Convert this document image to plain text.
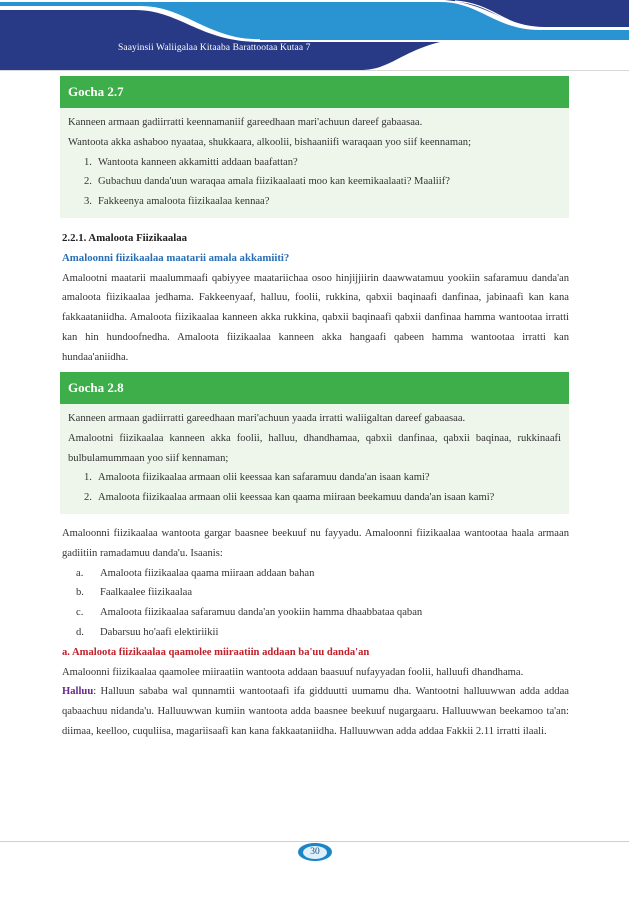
Saayinsii Waliigalaa Kitaaba Barattootaa Kutaa 7
Gocha 2.7
Kanneen armaan gadiirratti keennamaniif gareedhaan mari'achuun dareef gabaasaa.
Wantoota akka ashaboo nyaataa, shukkaara, alkoolii, bishaaniifi waraqaan yoo siif keennaman;
1. Wantoota kanneen akkamitti addaan baafattan?
2. Gubachuu danda'uun waraqaa amala fiizikaalaati moo kan keemikaalaati? Maaliif?
3. Fakkeenya amaloota fiizikaalaa kennaa?
2.2.1. Amaloota Fiizikaalaa
Amaloonni fiizikaalaa maatarii amala akkamiiti?
Amalootni maatarii maalummaafi qabiyyee maatariichaa osoo hinjijjiirin daawwatamuu yookiin safaramuu danda'an amaloota fiizikaalaa jedhama. Fakkeenyaaf, halluu, foolii, rukkina, qabxii baqinaafi danfinaa, jabinaafi kan kana fakkaataniidha. Amaloota fiizikaalaa kanneen akka rukkina, qabxii baqinaafi qabxii danfinaa hamma wantootaa irratti kan hin hundoofnedha. Amaloota fiizikaalaa kanneen akka hangaafi qabeen hamma wantootaa irratti kan hundaa'aniidha.
Gocha 2.8
Kanneen armaan gadiirratti gareedhaan mari'achuun yaada irratti waliigaltan dareef gabaasaa.
Amalootni fiizikaalaa kanneen akka foolii, halluu, dhandhamaa, qabxii danfinaa, qabxii baqinaa, rukkinaafi bulbulamummaan yoo siif kennaman;
1. Amaloota fiizikaalaa armaan olii keessaa kan safaramuu danda'an isaan kami?
2. Amaloota fiizikaalaa armaan olii keessaa kan qaama miiraan beekamuu danda'an isaan kami?
Amaloonni fiizikaalaa wantoota gargar baasnee beekuuf nu fayyadu. Amaloonni fiizikaalaa wantootaa haala armaan gadiitiin ramadamuu danda'u. Isaanis:
a. Amaloota fiizikaalaa qaama miiraan addaan bahan
b. Faalkaalee fiizikaalaa
c. Amaloota fiizikaalaa safaramuu danda'an yookiin hamma dhaabbataa qaban
d. Dabarsuu ho'aafi elektiriikii
a. Amaloota fiizikaalaa qaamolee miiraatiin addaan ba'uu danda'an
Amaloonni fiizikaalaa qaamolee miiraatiin wantoota addaan baasuuf nufayyadan foolii, halluufi dhandhama.
Halluu: Halluun sababa wal qunnamtii wantootaafi ifa gidduutti uumamu dha. Wantootni halluuwwan adda addaa qabaachuu nidanda'u. Halluuwwan kumiin wantoota adda baasnee beekuuf nugargaaru. Halluuwwan beekamoo ta'an: diimaa, keelloo, cuquliisa, magariisaafi kan kana fakkaataniidha. Halluuwwan adda addaa Fakkii 2.11 irratti ilaali.
30
